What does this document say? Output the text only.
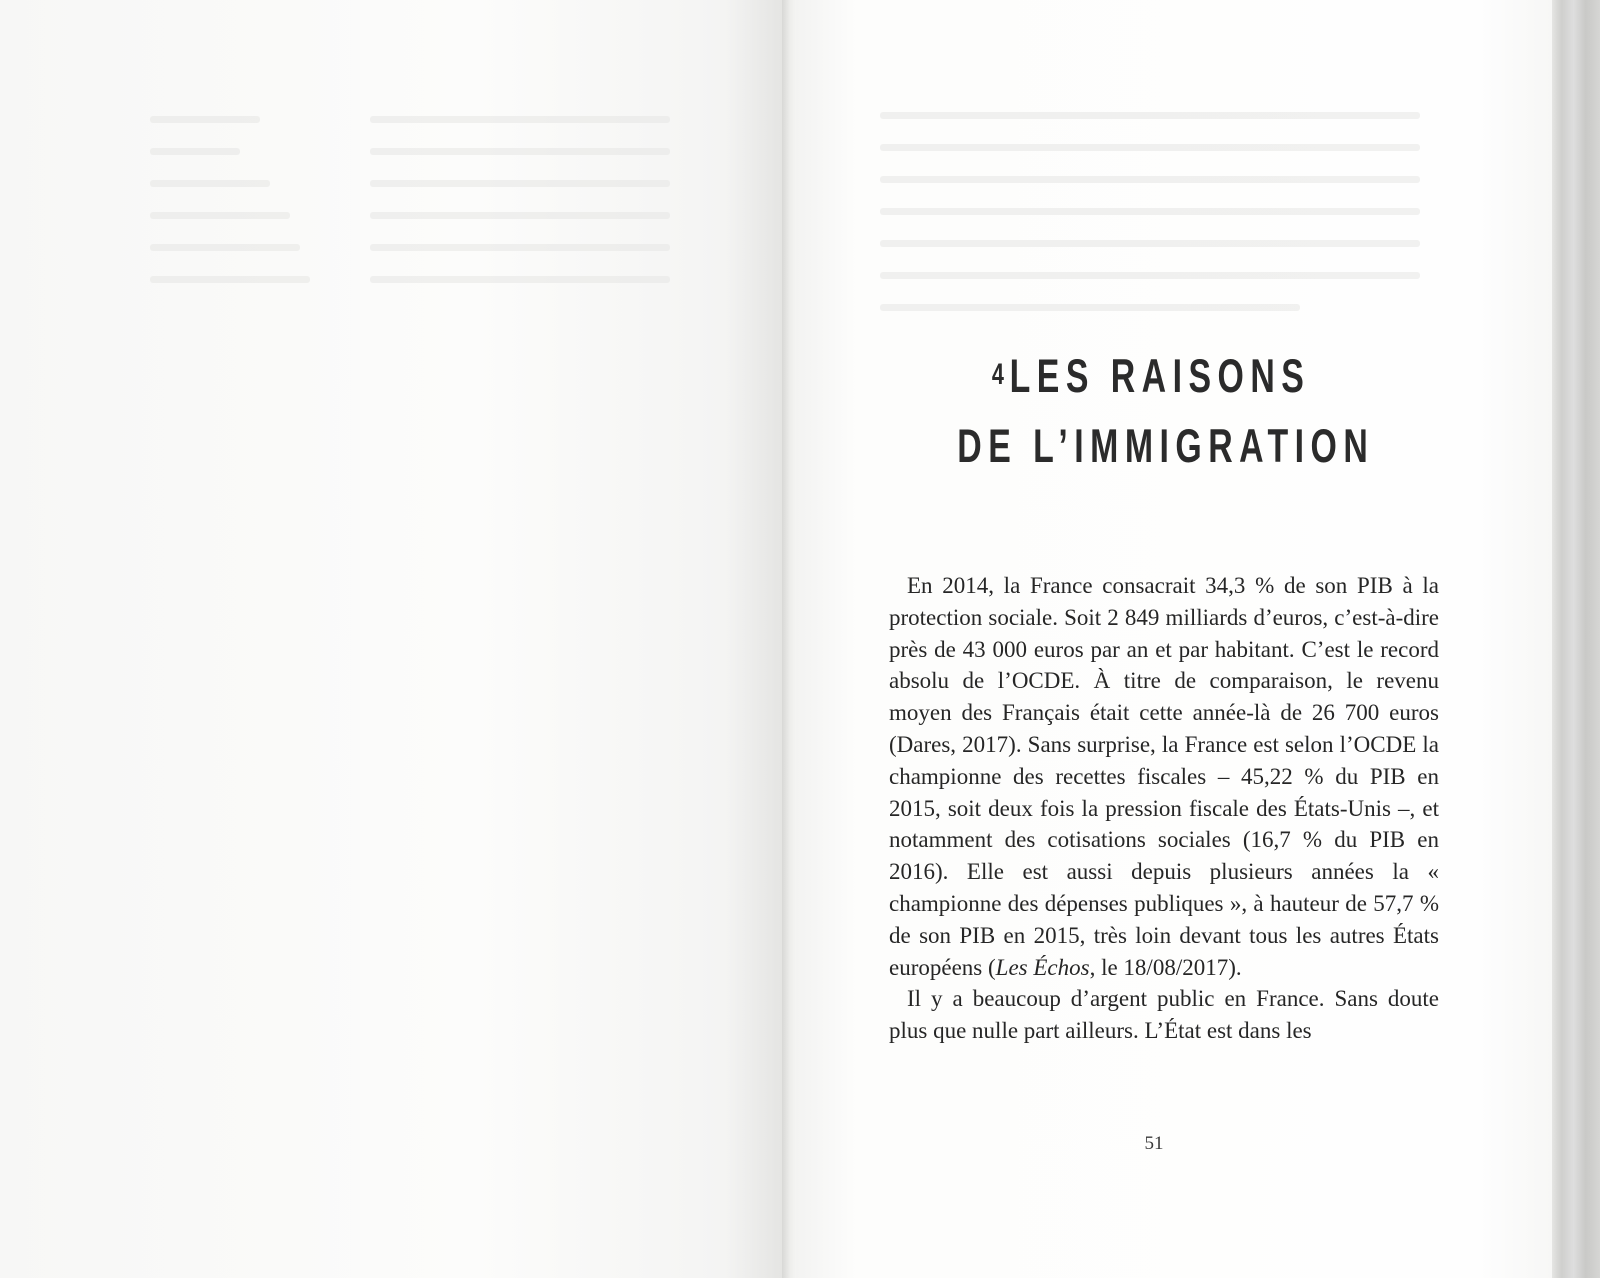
4 LES RAISONS
DE L’IMMIGRATION

En 2014, la France consacrait 34,3 % de son PIB à la protection sociale. Soit 2 849 milliards d’euros, c’est-à-dire près de 43 000 euros par an et par habitant. C’est le record absolu de l’OCDE. À titre de comparaison, le revenu moyen des Français était cette année-là de 26 700 euros (Dares, 2017). Sans surprise, la France est selon l’OCDE la championne des recettes fiscales – 45,22 % du PIB en 2015, soit deux fois la pression fiscale des États-Unis –, et notamment des cotisations sociales (16,7 % du PIB en 2016). Elle est aussi depuis plusieurs années la « championne des dépenses publiques », à hauteur de 57,7 % de son PIB en 2015, très loin devant tous les autres États européens (Les Échos, le 18/08/2017).

Il y a beaucoup d’argent public en France. Sans doute plus que nulle part ailleurs. L’État est dans les

51
